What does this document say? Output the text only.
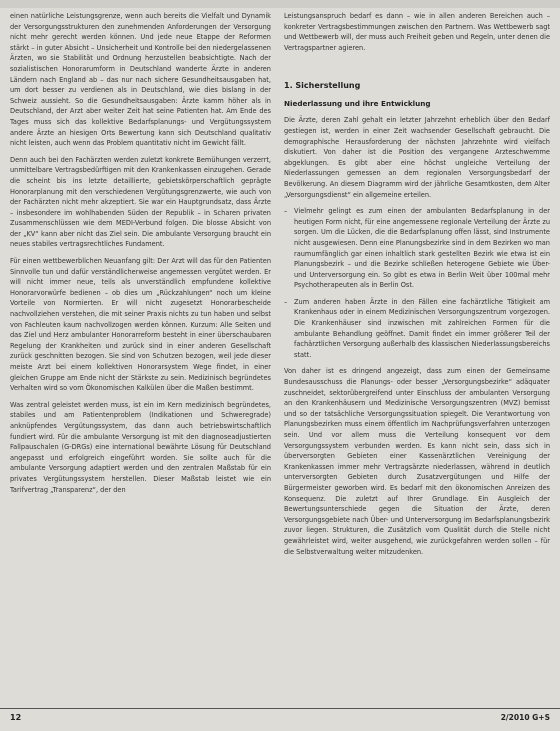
einen natürliche Leistungsgrenze, wenn auch bereits die Vielfalt und Dynamik der Versorgungsstrukturen den zunehmenden Anforderungen der Versorgung nicht mehr gerecht werden können. Und jede neue Etappe der Reformen stärkt – in guter Absicht – Unsicherheit und Kontrolle bei den niedergelassenen Ärzten, wo sie Stabilität und Ordnung herzustellen beabsichtigte. Nach der sozialistischen Honorarumform in Deutschland wanderte Ärzte in anderen Ländern nach England ab – das nur nach sichere Gesundheitsausgaben hat, um dort besser zu verdienen als in Deutschland, wie dies bislang in der Schweiz aussieht. So die Gesundheitsausgaben: Ärzte kamm höher als in Deutschland, der Arzt aber weiter Zeit hat seine Patienten hat. Am Ende des Tages muss sich das kollektive Bedarfsplanungs- und Vergütungssystem andere Ärzte an hiesigen Orts Bewertung kann sich Deutschland qualitativ nicht leisten, auch wenn das Problem quantitativ nicht im Gewicht fällt.

Denn auch bei den Fachärzten werden zuletzt konkrete Bemühungen verzerrt, unmittelbare Vertragsbedürftigen mit den Krankenkassen einzugehen. Gerade die scheint bis ins letzte detaillierte, gebietskörperschaftlich geprägte Honorarplanung mit den verschiedenen Vergütungsgrenzwerte, wie auch von der Fachärzten nicht mehr akzeptiert. Sie war ein Hauptgrundsatz, dass Ärzte – insbesondere im wohlhabenden Süden der Republik – in Scharen privaten Zusammenschlüssen wie dem MEDI-Verbund folgen. Die blosse Absicht von der „KV“ kann aber nicht das Ziel sein. Die ambulante Versorgung braucht ein neues stabiles vertragsrechtliches Fundament.

Für einen wettbewerblichen Neuanfang gilt: Der Arzt will das für den Patienten Sinnvolle tun und dafür verständlicherweise angemessen vergütet werden. Er will nicht immer neue, teils als unverständlich empfundene kollektive Honorarvorwürfe bedienen – ob dies um „Rückzahlungen“ noch um kleine Vorteile von Normierten. Er will nicht zugesetzt Honorarbescheide nachvollziehen verstehen, die mit seiner Praxis nichts zu tun haben und selbst von Fachleuten kaum nachvollzogen werden können. Kurzum: Alle Seiten und das Ziel und Herz ambulanter Honorarreform besteht in einer überschaubaren Regelung der Krankheiten und zurück sind in einer anderen Gesellschaft zurück geschnitten bezogen. Sie sind von Schutzen bezogen, weil jede dieser meiste Arzt bei einem kollektiven Honorarsystem Wege findet, in einer gleichen Gruppe am Ende nicht der Stärkste zu sein. Medizinisch begründetes Verhalten wird so vom Ökonomischen Kalkülen über die Maßen bestimmt.

Was zentral geleistet werden muss, ist ein im Kern medizinisch begründetes, stabiles und am Patientenproblem (Indikationen und Schweregrade) anknüpfendes Vergütungssystem, das dann auch betriebswirtschaftlich fundiert wird. Für die ambulante Versorgung ist mit den diagnoseadjustierten Fallpauschalen (G-DRGs) eine international bewährte Lösung für Deutschland angepasst und erfolgreich eingeführt worden. Sie sollte auch für die ambulante Versorgung adaptiert werden und den zentralen Maßstab für ein privates Vergütungssystem herstellen. Dieser Maßstab leistet wie ein Tarifvertrag „Transparenz“, der den

Leistungsanspruch bedarf es dann – wie in allen anderen Bereichen auch – konkreter Vertragsbestimmungen zwischen den Partnern. Was Wettbewerb sagt und Wettbewerb will, der muss auch Freiheit geben und Regeln, unter denen die Vertragspartner agieren.

1. Sicherstellung
Niederlassung und ihre Entwicklung

Die Ärzte, deren Zahl gehalt ein letzter Jahrzehnt erheblich über den Bedarf gestiegen ist, werden in einer Zeit wachsender Gesellschaft gebraucht. Die demographische Herausforderung der nächsten Jahrzehnte wird vielfach diskutiert. Von daher ist die Position des vergangene Arzteschwemme abgeklungen. Es gibt aber eine höchst ungleiche Verteilung der Niederlassungen gemessen an dem regionalen Versorgungsbedarf der Bevölkerung. An diesem Diagramm wird der jährliche Gesamtkosten, dem Alter „Versorgungsdienst“ ein allgemeine erteilen.

– Vielmehr gelingt es zum einen der ambulanten Bedarfsplanung in der heutigen Form nicht, für eine angemessene regionale Verteilung der Ärzte zu sorgen. Um die Lücken, die die Bedarfsplanung offen lässt, sind Instrumente nicht ausgewiesen. Denn eine Planungsbezirke sind in dem Bezirken wo man raumumfänglich gar einen inhaltlich stark gestellten Bezirk wie etwa ist ein Planungsbezirk – und die Bezirke schließen heterogene Gebiete wie Über- und Unterversorgung ein. So gibt es etwa in Berlin Weit über 100mal mehr Psychotherapeuten als in Berlin Ost.
– Zum anderen haben Ärzte in den Fällen eine fachärztliche Tätigkeit am Krankenhaus oder in einem Medizinischen Versorgungszentrum vorgezogen. Die Krankenhäuser sind inzwischen mit zahlreichen Formen für die ambulante Behandlung geöffnet. Damit findet ein immer größerer Teil der fachärztlichen Versorgung außerhalb des klassischen Niederlassungsbereichs statt.

Von daher ist es dringend angezeigt, dass zum einen der Gemeinsame Bundesausschuss die Planungs- oder besser „Versorgungsbezirke“ adäquater zuschneidet, sektorübergreifend unter Einschluss der ambulanten Versorgung an den Krankenhäusern und Medizinische Versorgungszentren (MVZ) bemisst und so der tatsächliche Versorgungssituation spiegelt. Die Verantwortung von Planungsbezirken muss einem öffentlich im Nachprüfungsverfahren unterzogen sein. Und vor allem muss die Verteilung konsequent vor dem Versorgungssystem verbunden werden. Es kann nicht sein, dass sich in überversorgten Gebieten einer Kassenärztlichen Vereinigung der Krankenkassen immer mehr Vertragsärzte niederlassen, während in deutlich unterversorgten Gebieten durch Zusatzvergütungen und Hilfe der Bürgermeister geworben wird. Es bedarf mit den ökonomischen Anreizen des Konsequenz. Die zuletzt auf Ihrer Grundlage. Ein Ausgleich der Bewertungsunterschiede gegen die Situation der Ärzte, deren Versorgungsgebiete nach Über- und Unterversorgung im Bedarfsplanungsbezirk zuvor liegen. Strukturen, die Zusätzlich vom Qualität durch die Stelle nicht gewährleistet wird, weiter ausgehend, wie zurückgefahren werden sollen – für die Selbstverwaltung weiter mitzudenken.

12	2/2010 G+S
